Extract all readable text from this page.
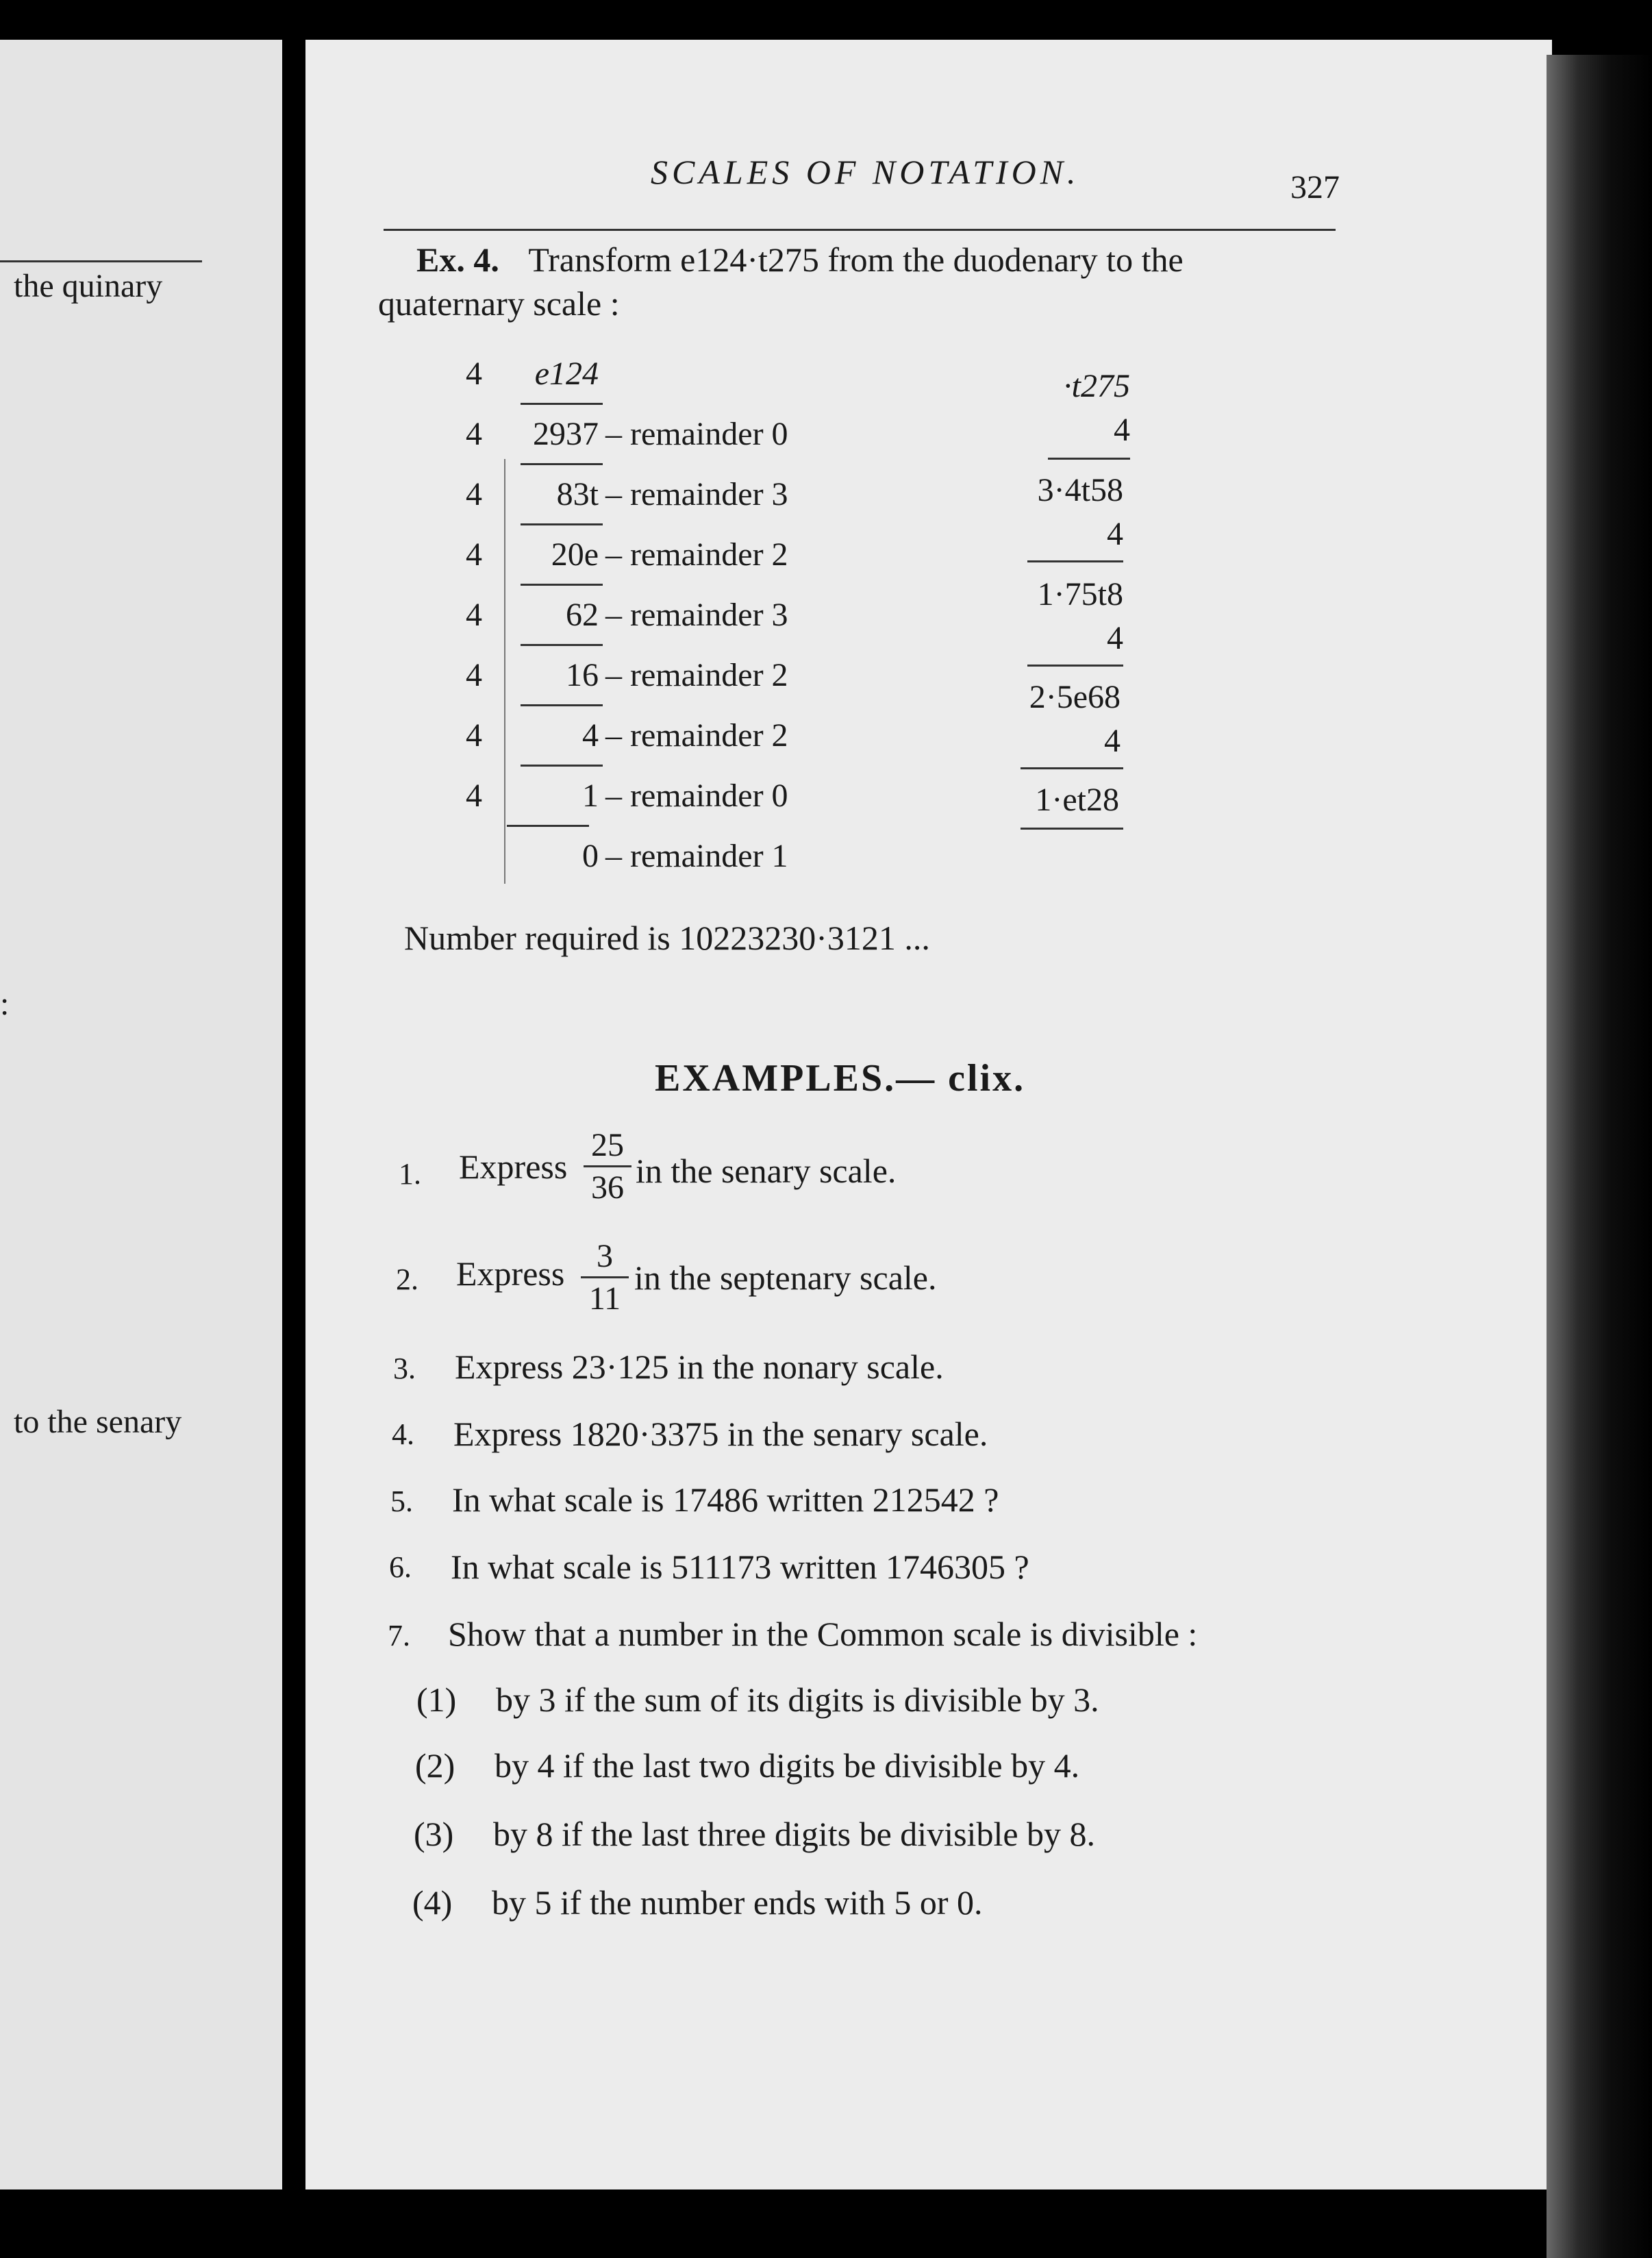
the quinary
:
to the senary
SCALES OF NOTATION.	327
Ex. 4. Transform e124·t275 from the duodenary to the
quaternary scale :
4
4
4
4
4
4
4
4
e124
2937
83t
20e
62
16
4
1
0
– remainder 0
– remainder 3
– remainder 2
– remainder 3
– remainder 2
– remainder 2
– remainder 0
– remainder 1
·t275
4
3·4t58
4
1·75t8
4
2·5e68
4
1·et28
Number required is 10223230·3121 ...
EXAMPLES.— clix.
1. Express
25
36 in the senary scale.
2. Express 3
11
in the septenary scale.
3. Express 23·125 in the nonary scale.
4. Express 1820·3375 in the senary scale.
5. In what scale is 17486 written 212542 ?
6. In what scale is 511173 written 1746305 ?
7. Show that a number in the Common scale is divisible :
(1) by 3 if the sum of its digits is divisible by 3.
(2) by 4 if the last two digits be divisible by 4.
(3) by 8 if the last three digits be divisible by 8.
(4) by 5 if the number ends with 5 or 0.
